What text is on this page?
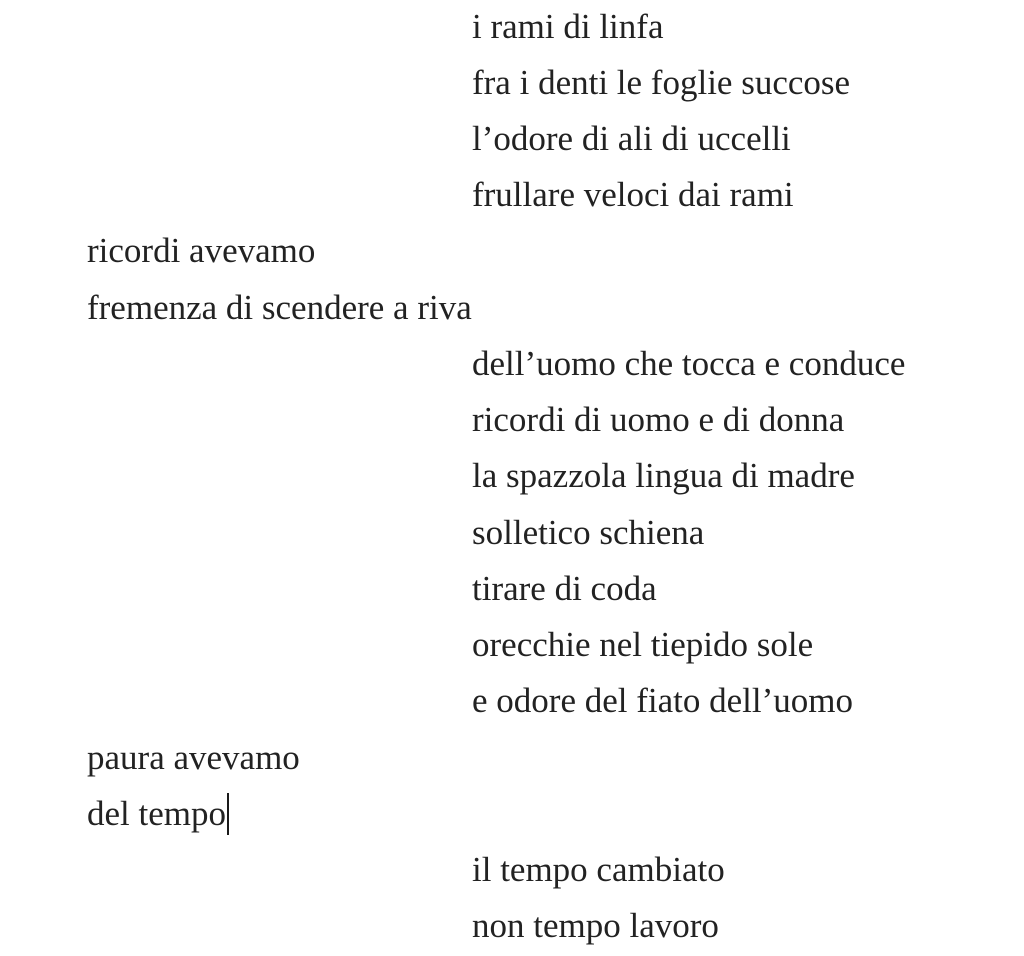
i rami di linfa
fra i denti le foglie succose
l’odore di ali di uccelli
frullare veloci dai rami
ricordi avevamo
fremenza di scendere a riva
dell’uomo che tocca e conduce
ricordi di uomo e di donna
la spazzola lingua di madre
solletico schiena
tirare di coda
orecchie nel tiepido sole
e odore del fiato dell’uomo
paura avevamo
del tempo
il tempo cambiato
non tempo lavoro
